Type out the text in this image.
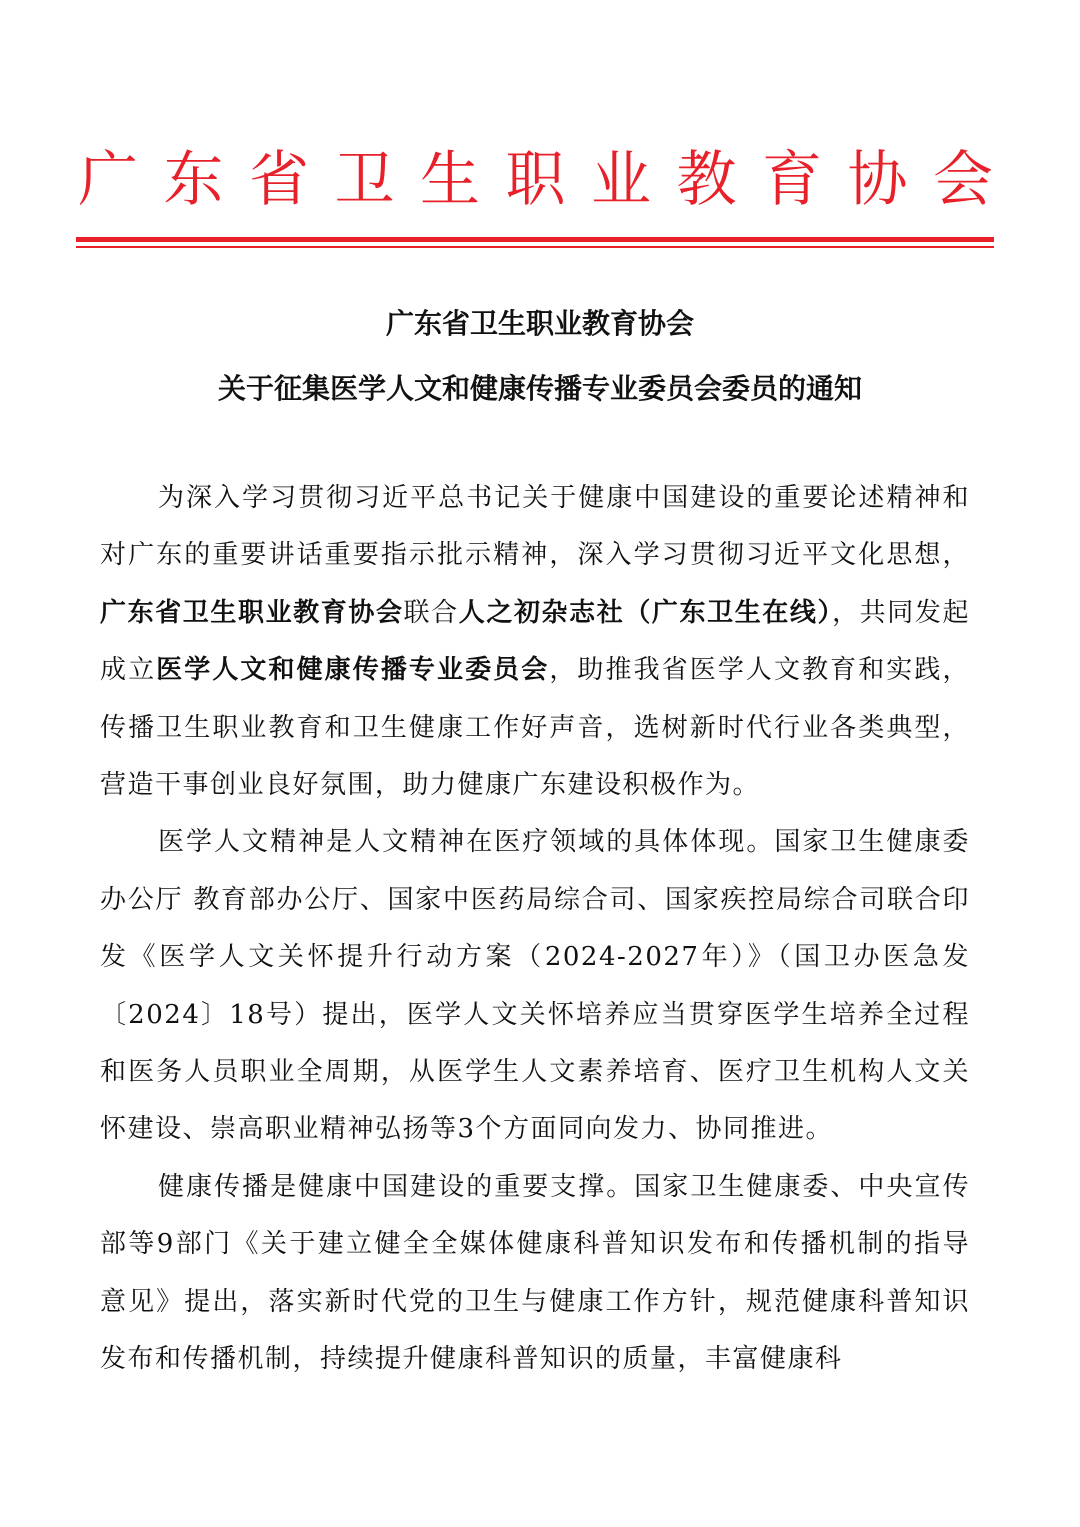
广 东 省 卫 生 职 业 教 育 协 会
广东省卫生职业教育协会
关于征集医学人文和健康传播专业委员会委员的通知

为深入学习贯彻习近平总书记关于健康中国建设的重要论述精神和对广东的重要讲话重要指示批示精神，深入学习贯彻习近平文化思想，广东省卫生职业教育协会联合人之初杂志社（广东卫生在线），共同发起成立医学人文和健康传播专业委员会，助推我省医学人文教育和实践，传播卫生职业教育和卫生健康工作好声音，选树新时代行业各类典型，营造干事创业良好氛围，助力健康广东建设积极作为。

医学人文精神是人文精神在医疗领域的具体体现。国家卫生健康委办公厅 教育部办公厅、国家中医药局综合司、国家疾控局综合司联合印发《医学人文关怀提升行动方案（2024-2027年）》（国卫办医急发〔2024〕18号）提出，医学人文关怀培养应当贯穿医学生培养全过程和医务人员职业全周期，从医学生人文素养培育、医疗卫生机构人文关怀建设、崇高职业精神弘扬等3个方面同向发力、协同推进。

健康传播是健康中国建设的重要支撑。国家卫生健康委、中央宣传部等9部门《关于建立健全全媒体健康科普知识发布和传播机制的指导意见》提出，落实新时代党的卫生与健康工作方针，规范健康科普知识发布和传播机制，持续提升健康科普知识的质量，丰富健康科
